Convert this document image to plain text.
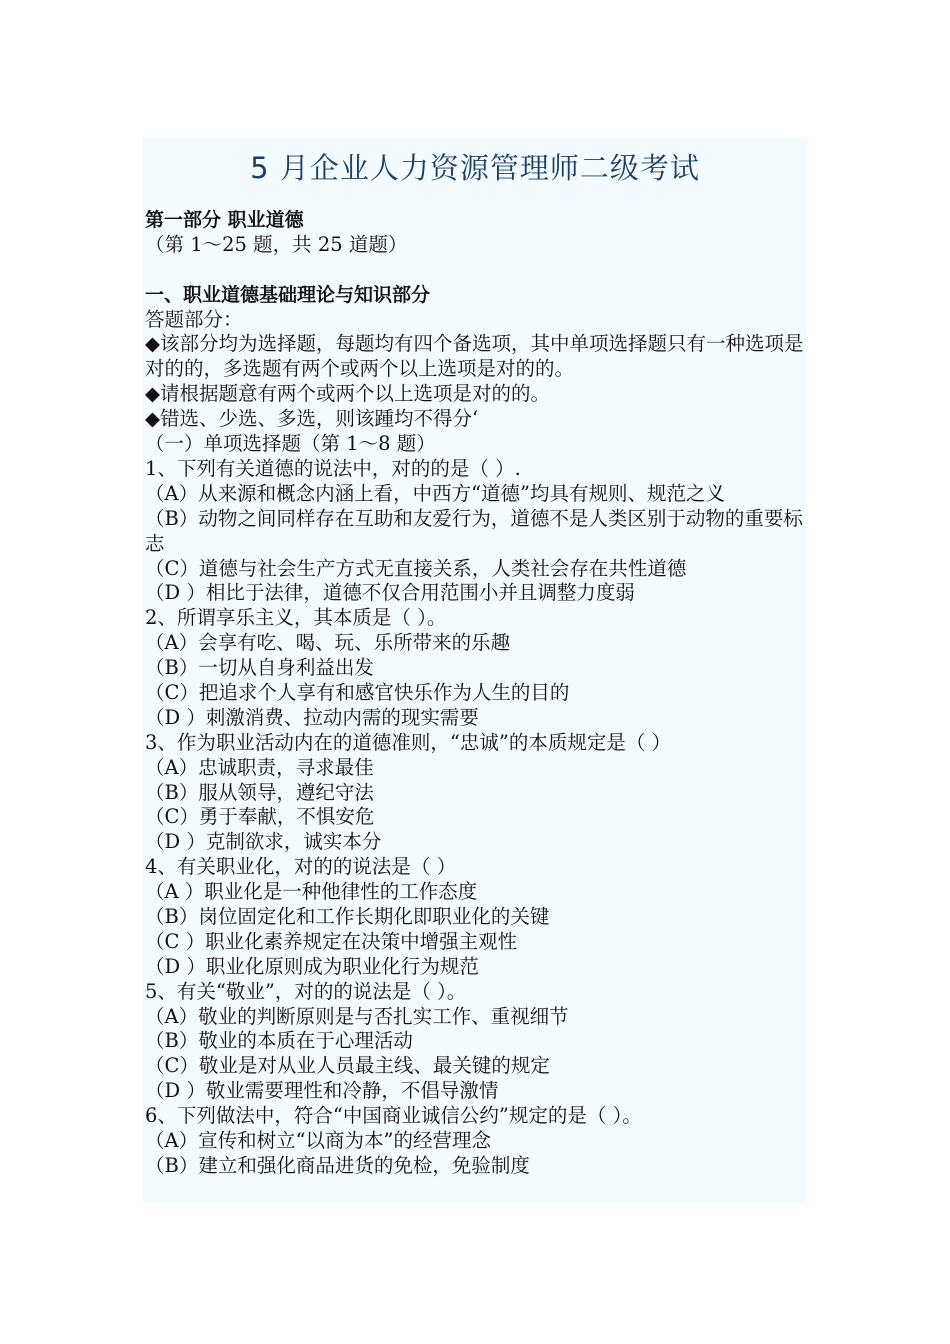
5 月企业人力资源管理师二级考试
第一部分 职业道德
（第 1～25 题，共 25 道题）
一、职业道德基础理论与知识部分
答题部分：
◆该部分均为选择题，每题均有四个备选项，其中单项选择题只有一种选项是对的的，多选题有两个或两个以上选项是对的的。
◆请根据题意有两个或两个以上选项是对的的。
◆错选、少选、多选，则该踵均不得分‘
（一）单项选择题（第 1～8 题）
1、下列有关道德的说法中，对的的是（ ）.
（A）从来源和概念内涵上看，中西方“道德”均具有规则、规范之义
（B）动物之间同样存在互助和友爱行为，道德不是人类区别于动物的重要标志
（C）道德与社会生产方式无直接关系，人类社会存在共性道德
（D ）相比于法律，道德不仅合用范围小并且调整力度弱
2、所谓享乐主义，其本质是（ ）。
（A）会享有吃、喝、玩、乐所带来的乐趣
（B）一切从自身利益出发
（C）把追求个人享有和感官快乐作为人生的目的
（D ）刺激消费、拉动内需的现实需要
3、作为职业活动内在的道德准则，“忠诚”的本质规定是（ ）
（A）忠诚职责，寻求最佳
（B）服从领导，遵纪守法
（C）勇于奉献，不惧安危
（D ）克制欲求，诚实本分
4、有关职业化，对的的说法是（ ）
（A ）职业化是一种他律性的工作态度
（B）岗位固定化和工作长期化即职业化的关键
（C ）职业化素养规定在决策中增强主观性
（D ）职业化原则成为职业化行为规范
5、有关“敬业”，对的的说法是（ ）。
（A）敬业的判断原则是与否扎实工作、重视细节
（B）敬业的本质在于心理活动
（C）敬业是对从业人员最主线、最关键的规定
（D ）敬业需要理性和冷静，不倡导激情
6、下列做法中，符合“中国商业诚信公约”规定的是（ ）。
（A）宣传和树立“以商为本”的经营理念
（B）建立和强化商品进货的免检，免验制度
